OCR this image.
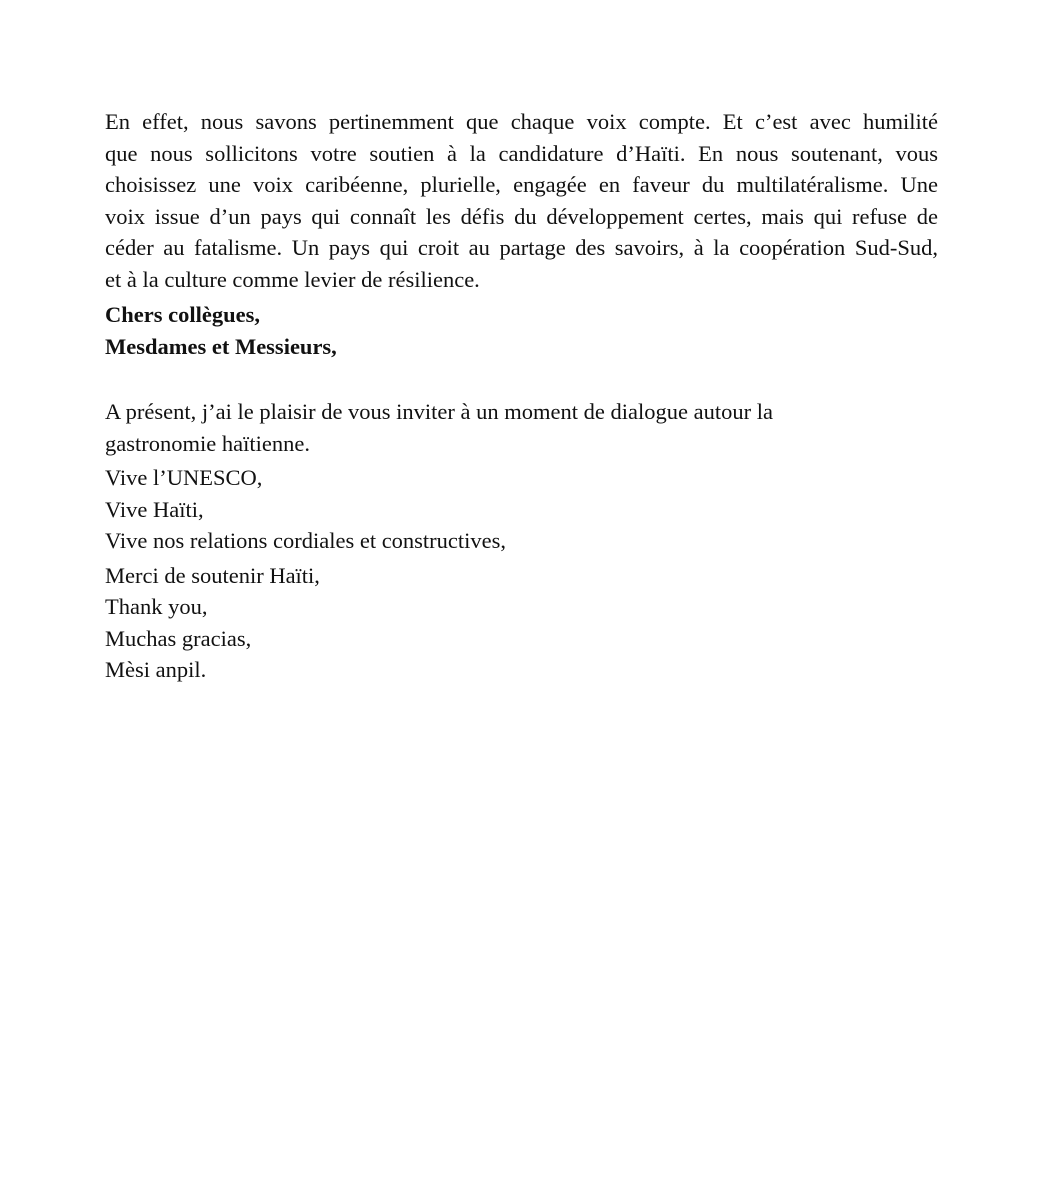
En effet, nous savons pertinemment que chaque voix compte. Et c’est avec humilité
que nous sollicitons votre soutien à la candidature d’Haïti. En nous soutenant, vous
choisissez une voix caribéenne, plurielle, engagée en faveur du multilatéralisme. Une
voix issue d’un pays qui connaît les défis du développement certes, mais qui refuse de
céder au fatalisme. Un pays qui croit au partage des savoirs, à la coopération Sud-Sud,
et à la culture comme levier de résilience.
Chers collègues,
Mesdames et Messieurs,
A présent, j’ai le plaisir de vous inviter à un moment de dialogue autour la
gastronomie haïtienne.
Vive l’UNESCO,
Vive Haïti,
Vive nos relations cordiales et constructives,
Merci de soutenir Haïti,
Thank you,
Muchas gracias,
Mèsi anpil.
